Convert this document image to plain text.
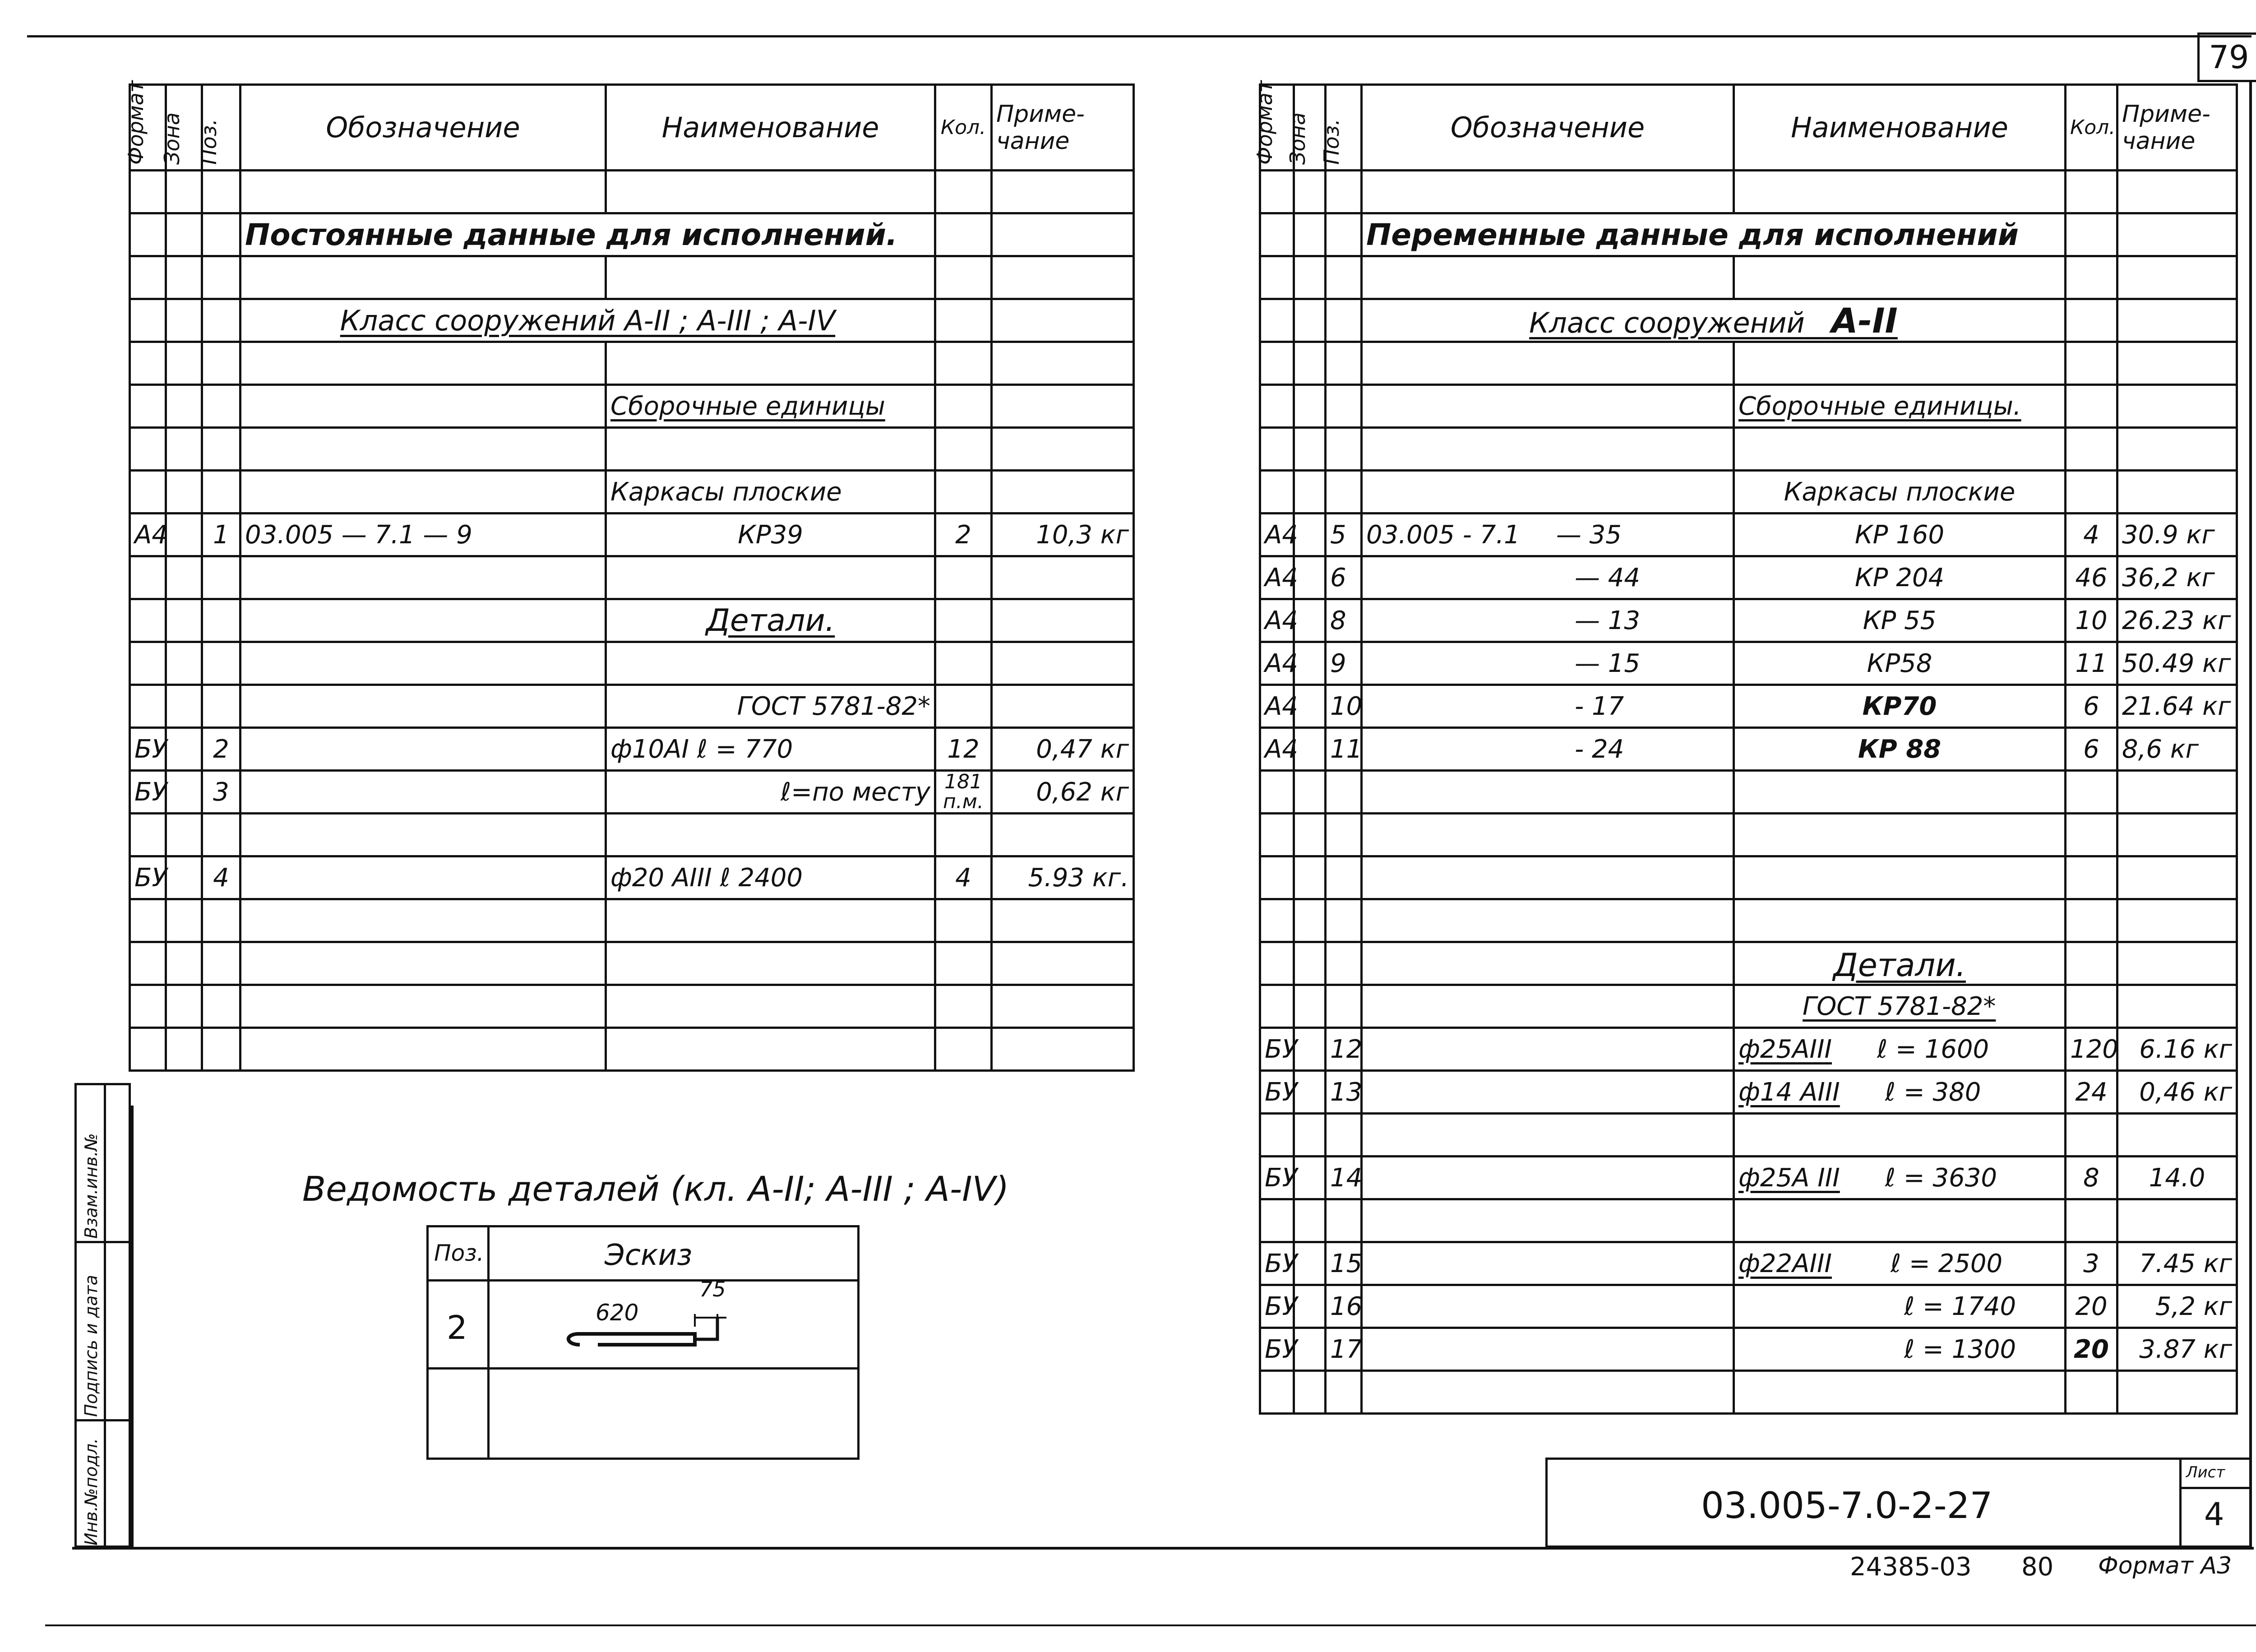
79
Инв.№подл.
Подпись и дата
Взам.инв.№
Формат	Зона	Поз.	Обозначение	Наименование	Кол.	Приме- чание

			Постоянные данные для исполнений.			

			Класс сооружений А-II ; А-III ; А-IV			

				Сборочные единицы		

				Каркасы плоские		
А4		1	03.005 — 7.1 — 9	КР39	2	10,3 кг

				Детали.		

				ГОСТ 5781-82*		
БУ		2		ф10АI ℓ = 770	12	0,47 кг
БУ		3		ℓ=по месту	181 п.м.	0,62 кг

БУ		4		ф20 АIII ℓ 2400	4	5.93 кг.

Формат	Зона	Поз.	Обозначение	Наименование	Кол.	Приме- чание

			Переменные данные для исполнений			

			Класс сооружений А-II			

				Сборочные единицы.		

				Каркасы плоские		
А4		5	03.005 - 7.1 — 35	КР 160	4	30.9 кг
А4		6	— 44	КР 204	46	36,2 кг
А4		8	— 13	КР 55	10	26.23 кг
А4		9	— 15	КР58	11	50.49 кг
А4		10	- 17	КР70	6	21.64 кг
А4		11	- 24	КР 88	6	8,6 кг

				Детали.		
				ГОСТ 5781-82*		
БУ		12		ф25АIII ℓ = 1600	120	6.16 кг
БУ		13		ф14 АIII ℓ = 380	24	0,46 кг

БУ		14		ф25А III ℓ = 3630	8	14.0

БУ		15		ф22АIII ℓ = 2500	3	7.45 кг
БУ		16		ℓ = 1740	20	5,2 кг
БУ		17		ℓ = 1300	20	3.87 кг

Ведомость деталей (кл. А-II; А-III ; А-IV)
Поз.	Эскиз
2	620
75
03.005-7.0-2-27
Лист
4
24385-03 80 Формат А3
